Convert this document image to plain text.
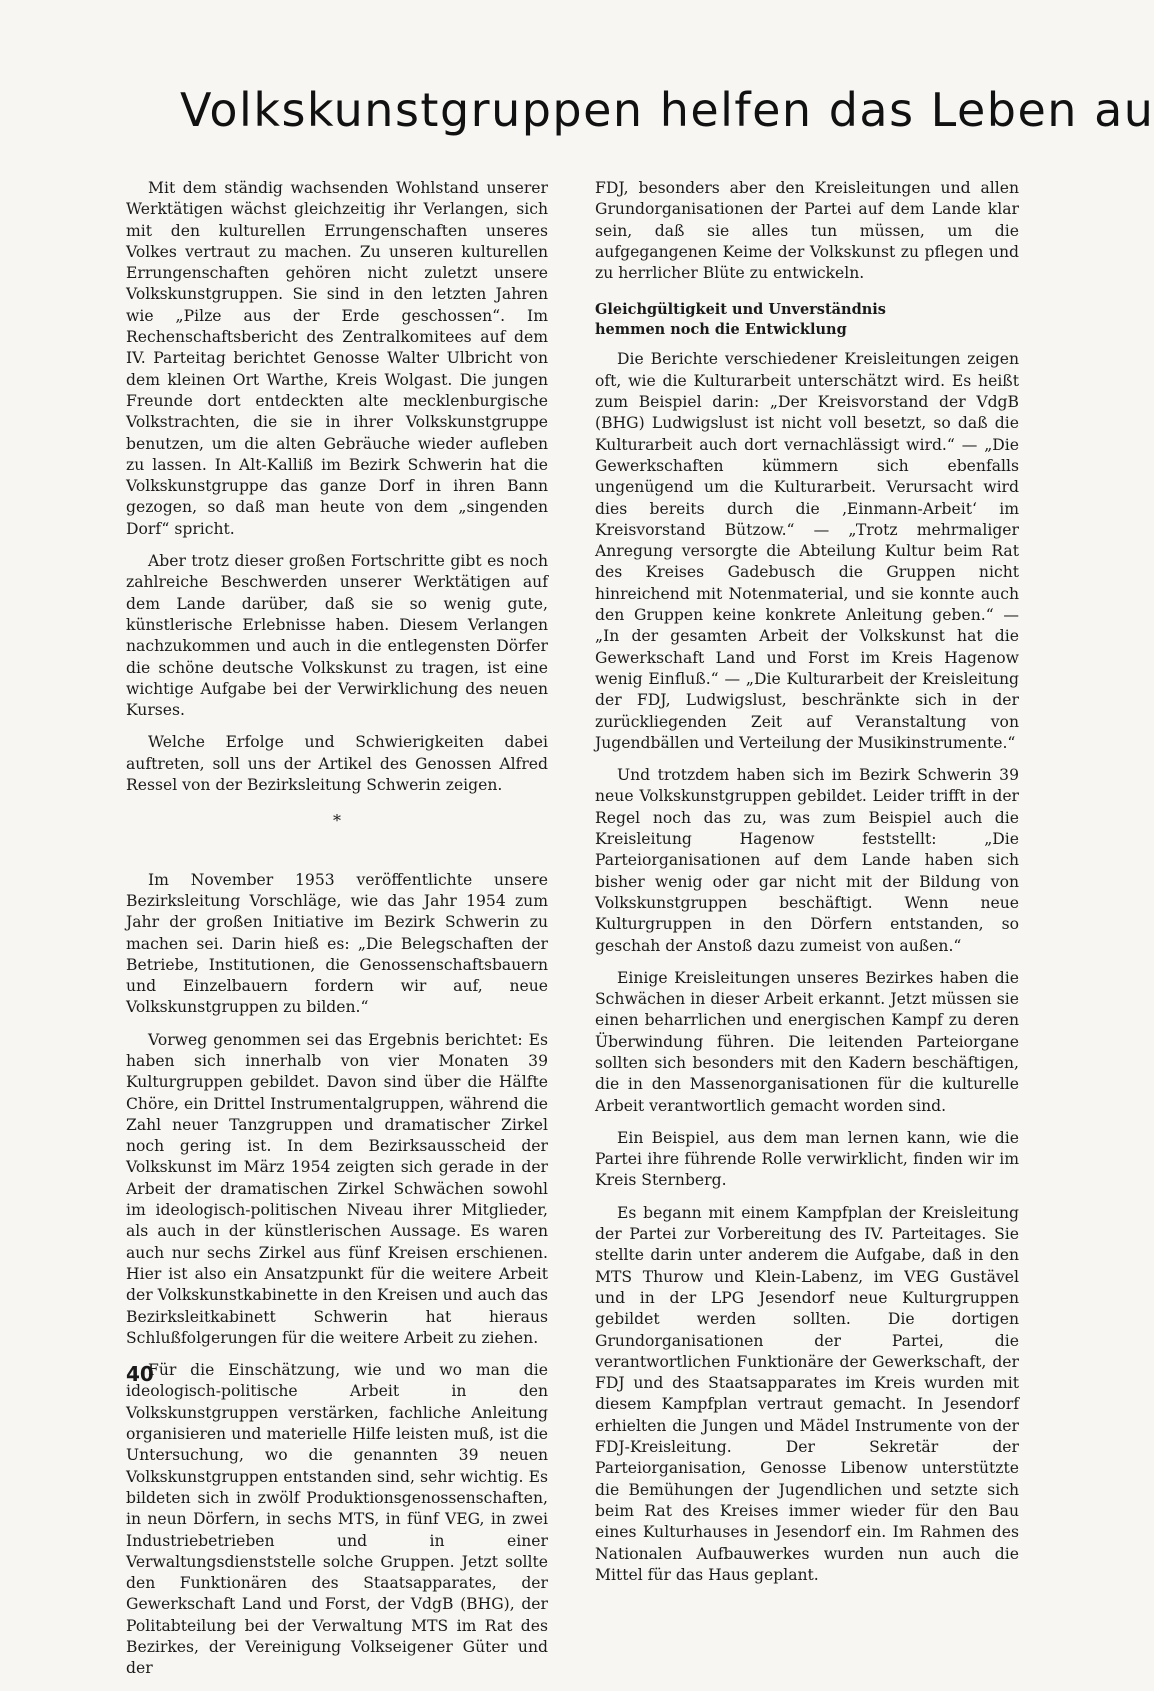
Volkskunstgruppen helfen das Leben au

Mit dem ständig wachsenden Wohlstand unserer Werktätigen wächst gleichzeitig ihr Verlangen, sich mit den kulturellen Errungenschaften unseres Volkes vertraut zu machen. Zu unseren kulturellen Errungenschaften gehören nicht zuletzt unsere Volkskunstgruppen. Sie sind in den letzten Jahren wie „Pilze aus der Erde geschossen“. Im Rechenschaftsbericht des Zentralkomitees auf dem IV. Parteitag berichtet Genosse Walter Ulbricht von dem kleinen Ort Warthe, Kreis Wolgast. Die jungen Freunde dort entdeckten alte mecklenburgische Volkstrachten, die sie in ihrer Volkskunstgruppe benutzen, um die alten Gebräuche wieder aufleben zu lassen. In Alt-Kalliß im Bezirk Schwerin hat die Volkskunstgruppe das ganze Dorf in ihren Bann gezogen, so daß man heute von dem „singenden Dorf“ spricht.

Aber trotz dieser großen Fortschritte gibt es noch zahlreiche Beschwerden unserer Werktätigen auf dem Lande darüber, daß sie so wenig gute, künstlerische Erlebnisse haben. Diesem Verlangen nachzukommen und auch in die entlegensten Dörfer die schöne deutsche Volkskunst zu tragen, ist eine wichtige Aufgabe bei der Verwirklichung des neuen Kurses.

Welche Erfolge und Schwierigkeiten dabei auftreten, soll uns der Artikel des Genossen Alfred Ressel von der Bezirksleitung Schwerin zeigen.

*

Im November 1953 veröffentlichte unsere Bezirksleitung Vorschläge, wie das Jahr 1954 zum Jahr der großen Initiative im Bezirk Schwerin zu machen sei. Darin hieß es: „Die Belegschaften der Betriebe, Institutionen, die Genossenschaftsbauern und Einzelbauern fordern wir auf, neue Volkskunstgruppen zu bilden.“

Vorweg genommen sei das Ergebnis berichtet: Es haben sich innerhalb von vier Monaten 39 Kulturgruppen gebildet. Davon sind über die Hälfte Chöre, ein Drittel Instrumentalgruppen, während die Zahl neuer Tanzgruppen und dramatischer Zirkel noch gering ist. In dem Bezirksausscheid der Volkskunst im März 1954 zeigten sich gerade in der Arbeit der dramatischen Zirkel Schwächen sowohl im ideologisch-politischen Niveau ihrer Mitglieder, als auch in der künstlerischen Aussage. Es waren auch nur sechs Zirkel aus fünf Kreisen erschienen. Hier ist also ein Ansatzpunkt für die weitere Arbeit der Volkskunstkabinette in den Kreisen und auch das Bezirksleitkabinett Schwerin hat hieraus Schlußfolgerungen für die weitere Arbeit zu ziehen.

Für die Einschätzung, wie und wo man die ideologisch-politische Arbeit in den Volkskunstgruppen verstärken, fachliche Anleitung organisieren und materielle Hilfe leisten muß, ist die Untersuchung, wo die genannten 39 neuen Volkskunstgruppen entstanden sind, sehr wichtig. Es bildeten sich in zwölf Produktionsgenossenschaften, in neun Dörfern, in sechs MTS, in fünf VEG, in zwei Industriebetrieben und in einer Verwaltungsdienststelle solche Gruppen. Jetzt sollte den Funktionären des Staatsapparates, der Gewerkschaft Land und Forst, der VdgB (BHG), der Politabteilung bei der Verwaltung MTS im Rat des Bezirkes, der Vereinigung Volkseigener Güter und der

FDJ, besonders aber den Kreisleitungen und allen Grundorganisationen der Partei auf dem Lande klar sein, daß sie alles tun müssen, um die aufgegangenen Keime der Volkskunst zu pflegen und zu herrlicher Blüte zu entwickeln.

Gleichgültigkeit und Unverständnis
hemmen noch die Entwicklung

Die Berichte verschiedener Kreisleitungen zeigen oft, wie die Kulturarbeit unterschätzt wird. Es heißt zum Beispiel darin: „Der Kreisvorstand der VdgB (BHG) Ludwigslust ist nicht voll besetzt, so daß die Kulturarbeit auch dort vernachlässigt wird.“ — „Die Gewerkschaften kümmern sich ebenfalls ungenügend um die Kulturarbeit. Verursacht wird dies bereits durch die ‚Einmann-Arbeit‘ im Kreisvorstand Bützow.“ — „Trotz mehrmaliger Anregung versorgte die Abteilung Kultur beim Rat des Kreises Gadebusch die Gruppen nicht hinreichend mit Notenmaterial, und sie konnte auch den Gruppen keine konkrete Anleitung geben.“ — „In der gesamten Arbeit der Volkskunst hat die Gewerkschaft Land und Forst im Kreis Hagenow wenig Einfluß.“ — „Die Kulturarbeit der Kreisleitung der FDJ, Ludwigslust, beschränkte sich in der zurückliegenden Zeit auf Veranstaltung von Jugendbällen und Verteilung der Musikinstrumente.“

Und trotzdem haben sich im Bezirk Schwerin 39 neue Volkskunstgruppen gebildet. Leider trifft in der Regel noch das zu, was zum Beispiel auch die Kreisleitung Hagenow feststellt: „Die Parteiorganisationen auf dem Lande haben sich bisher wenig oder gar nicht mit der Bildung von Volkskunstgruppen beschäftigt. Wenn neue Kulturgruppen in den Dörfern entstanden, so geschah der Anstoß dazu zumeist von außen.“

Einige Kreisleitungen unseres Bezirkes haben die Schwächen in dieser Arbeit erkannt. Jetzt müssen sie einen beharrlichen und energischen Kampf zu deren Überwindung führen. Die leitenden Parteiorgane sollten sich besonders mit den Kadern beschäftigen, die in den Massenorganisationen für die kulturelle Arbeit verantwortlich gemacht worden sind.

Ein Beispiel, aus dem man lernen kann, wie die Partei ihre führende Rolle verwirklicht, finden wir im Kreis Sternberg.

Es begann mit einem Kampfplan der Kreisleitung der Partei zur Vorbereitung des IV. Parteitages. Sie stellte darin unter anderem die Aufgabe, daß in den MTS Thurow und Klein-Labenz, im VEG Gustävel und in der LPG Jesendorf neue Kulturgruppen gebildet werden sollten. Die dortigen Grundorganisationen der Partei, die verantwortlichen Funktionäre der Gewerkschaft, der FDJ und des Staatsapparates im Kreis wurden mit diesem Kampfplan vertraut gemacht. In Jesendorf erhielten die Jungen und Mädel Instrumente von der FDJ-Kreisleitung. Der Sekretär der Parteiorganisation, Genosse Libenow unterstützte die Bemühungen der Jugendlichen und setzte sich beim Rat des Kreises immer wieder für den Bau eines Kulturhauses in Jesendorf ein. Im Rahmen des Nationalen Aufbauwerkes wurden nun auch die Mittel für das Haus geplant.

40
